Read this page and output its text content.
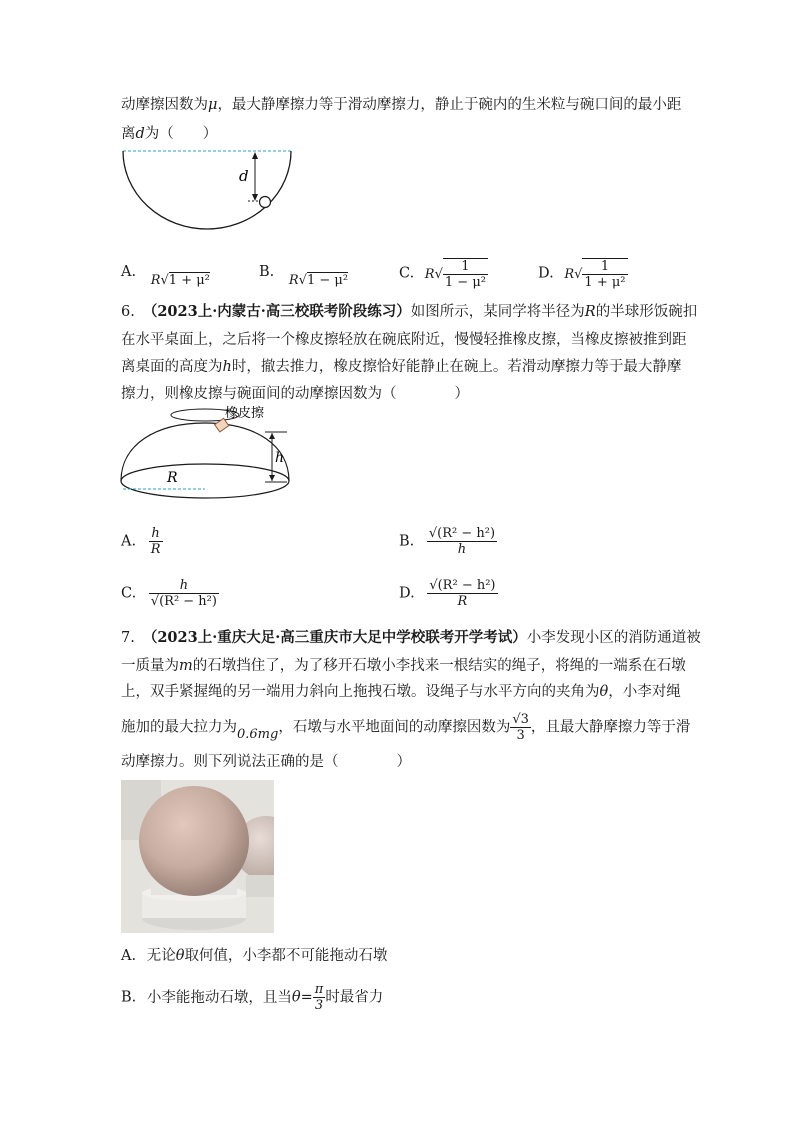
动摩擦因数为μ，最大静摩擦力等于滑动摩擦力，静止于碗内的生米粒与碗口间的最小距
离d为（　　）
d
A. R√1 + μ²
B. R√1 − μ²	C. $R√ \frac{1}{\text{1 − μ²}}$	D. $R√ \frac{1}{\text{1 + μ²}}$
6. （2023上·内蒙古·高三校联考阶段练习）如图所示，某同学将半径为R的半球形饭碗扣
在水平桌面上，之后将一个橡皮擦轻放在碗底附近，慢慢轻推橡皮擦，当橡皮擦被推到距
离桌面的高度为h时，撤去推力，橡皮擦恰好能静止在碗上。若滑动摩擦力等于最大静摩
擦力，则橡皮擦与碗面间的动摩擦因数为（　　　　）
橡皮擦
h
R
A. $\frac{h}{R}$	B. $\frac{\text{√(R² − h²)}}{h}$
C. $\frac{h}{\text{√(R² − h²)}}$	D. $\frac{\text{√(R² − h²)}}{R}$
7. （2023上·重庆大足·高三重庆市大足中学校联考开学考试）小李发现小区的消防通道被
一质量为m的石墩挡住了，为了移开石墩小李找来一根结实的绳子，将绳的一端系在石墩
上，双手紧握绳的另一端用力斜向上拖拽石墩。设绳子与水平方向的夹角为θ，小李对绳
施加的最大拉力为0.6mg，石墩与水平地面间的动摩擦因数为 $\frac{√3}{3}$ ，且最大静摩擦力等于滑
动摩擦力。则下列说法正确的是（　　　　）
A. 无论θ取何值，小李都不可能拖动石墩
B. 小李能拖动石墩，且当$\theta= \frac{\pi}{3}$ 时最省力
